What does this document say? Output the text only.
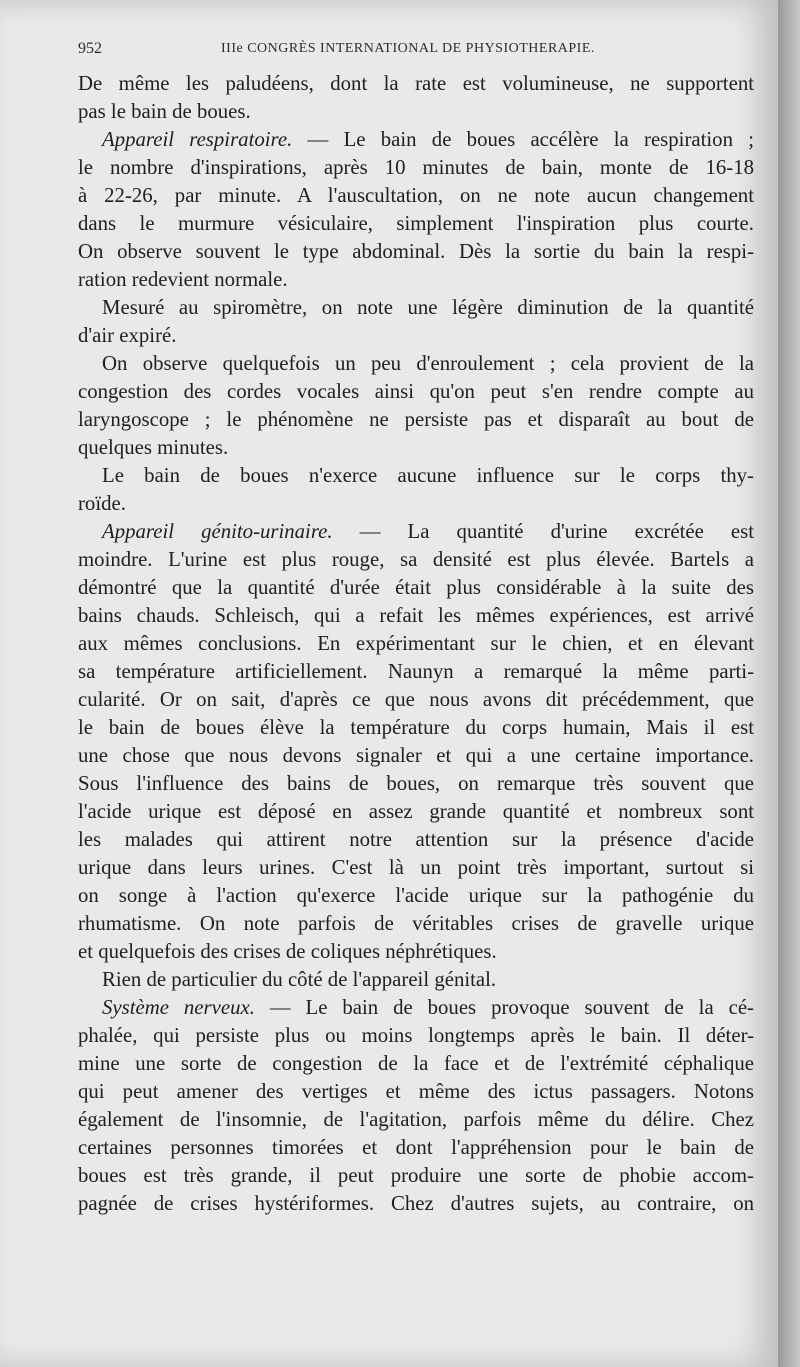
952	IIIe CONGRÈS INTERNATIONAL DE PHYSIOTHERAPIE.
De même les paludéens, dont la rate est volumineuse, ne supportent
pas le bain de boues.
Appareil respiratoire. — Le bain de boues accélère la respiration ;
le nombre d'inspirations, après 10 minutes de bain, monte de 16-18
à 22-26, par minute. A l'auscultation, on ne note aucun changement
dans le murmure vésiculaire, simplement l'inspiration plus courte.
On observe souvent le type abdominal. Dès la sortie du bain la respi-
ration redevient normale.
Mesuré au spiromètre, on note une légère diminution de la quantité
d'air expiré.
On observe quelquefois un peu d'enroulement ; cela provient de la
congestion des cordes vocales ainsi qu'on peut s'en rendre compte au
laryngoscope ; le phénomène ne persiste pas et disparaît au bout de
quelques minutes.
Le bain de boues n'exerce aucune influence sur le corps thy-
roïde.
Appareil génito-urinaire. — La quantité d'urine excrétée est
moindre. L'urine est plus rouge, sa densité est plus élevée. Bartels a
démontré que la quantité d'urée était plus considérable à la suite des
bains chauds. Schleisch, qui a refait les mêmes expériences, est arrivé
aux mêmes conclusions. En expérimentant sur le chien, et en élevant
sa température artificiellement. Naunyn a remarqué la même parti-
cularité. Or on sait, d'après ce que nous avons dit précédemment, que
le bain de boues élève la température du corps humain, Mais il est
une chose que nous devons signaler et qui a une certaine importance.
Sous l'influence des bains de boues, on remarque très souvent que
l'acide urique est déposé en assez grande quantité et nombreux sont
les malades qui attirent notre attention sur la présence d'acide
urique dans leurs urines. C'est là un point très important, surtout si
on songe à l'action qu'exerce l'acide urique sur la pathogénie du
rhumatisme. On note parfois de véritables crises de gravelle urique
et quelquefois des crises de coliques néphrétiques.
Rien de particulier du côté de l'appareil génital.
Système nerveux. — Le bain de boues provoque souvent de la cé-
phalée, qui persiste plus ou moins longtemps après le bain. Il déter-
mine une sorte de congestion de la face et de l'extrémité céphalique
qui peut amener des vertiges et même des ictus passagers. Notons
également de l'insomnie, de l'agitation, parfois même du délire. Chez
certaines personnes timorées et dont l'appréhension pour le bain de
boues est très grande, il peut produire une sorte de phobie accom-
pagnée de crises hystériformes. Chez d'autres sujets, au contraire, on
